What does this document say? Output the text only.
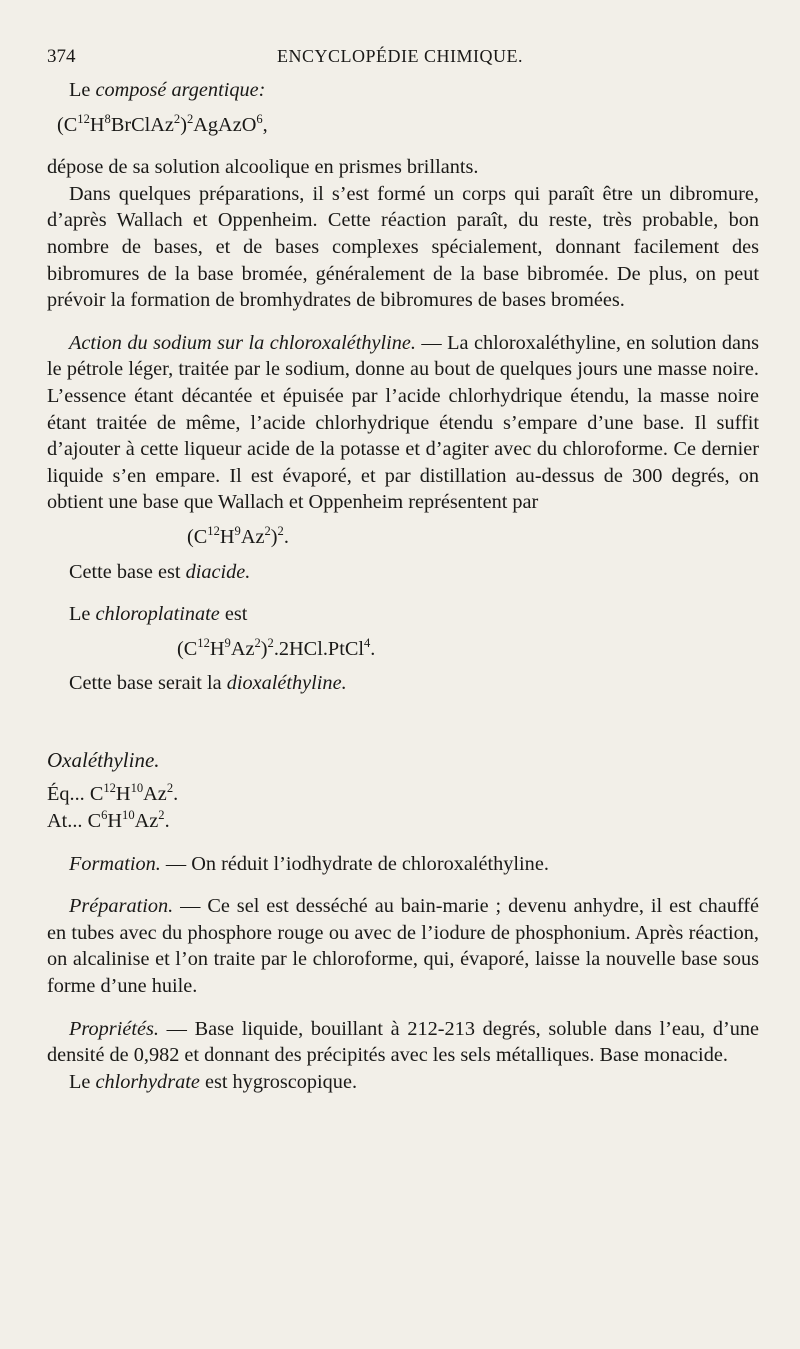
374	ENCYCLOPÉDIE CHIMIQUE.

Le composé argentique:

$(C^{12}H^8BrClAz^2)^2AgAzO^6$,

dépose de sa solution alcoolique en prismes brillants.

Dans quelques préparations, il s’est formé un corps qui paraît être un dibromure, d’après Wallach et Oppenheim. Cette réaction paraît, du reste, très probable, bon nombre de bases, et de bases complexes spécialement, donnant facilement des bibromures de la base bromée, généralement de la base bibromée. De plus, on peut prévoir la formation de bromhydrates de bibromures de bases bromées.

Action du sodium sur la chloroxaléthyline. — La chloroxaléthyline, en solution dans le pétrole léger, traitée par le sodium, donne au bout de quelques jours une masse noire. L’essence étant décantée et épuisée par l’acide chlorhydrique étendu, la masse noire étant traitée de même, l’acide chlorhydrique étendu s’empare d’une base. Il suffit d’ajouter à cette liqueur acide de la potasse et d’agiter avec du chloroforme. Ce dernier liquide s’en empare. Il est évaporé, et par distillation au-dessus de 300 degrés, on obtient une base que Wallach et Oppenheim représentent par

$(C^{12}H^9Az^2)^2$.

Cette base est diacide.

Le chloroplatinate est

$(C^{12}H^9Az^2)^2.2HCl.PtCl^4$.

Cette base serait la dioxaléthyline.

Oxaléthyline.

Éq... $C^{12}H^{10}Az^2$.

At... $C^6H^{10}Az^2$.

Formation. — On réduit l’iodhydrate de chloroxaléthyline.

Préparation. — Ce sel est desséché au bain-marie ; devenu anhydre, il est chauffé en tubes avec du phosphore rouge ou avec de l’iodure de phosphonium. Après réaction, on alcalinise et l’on traite par le chloroforme, qui, évaporé, laisse la nouvelle base sous forme d’une huile.

Propriétés. — Base liquide, bouillant à 212-213 degrés, soluble dans l’eau, d’une densité de 0,982 et donnant des précipités avec les sels métalliques. Base monacide.

Le chlorhydrate est hygroscopique.
